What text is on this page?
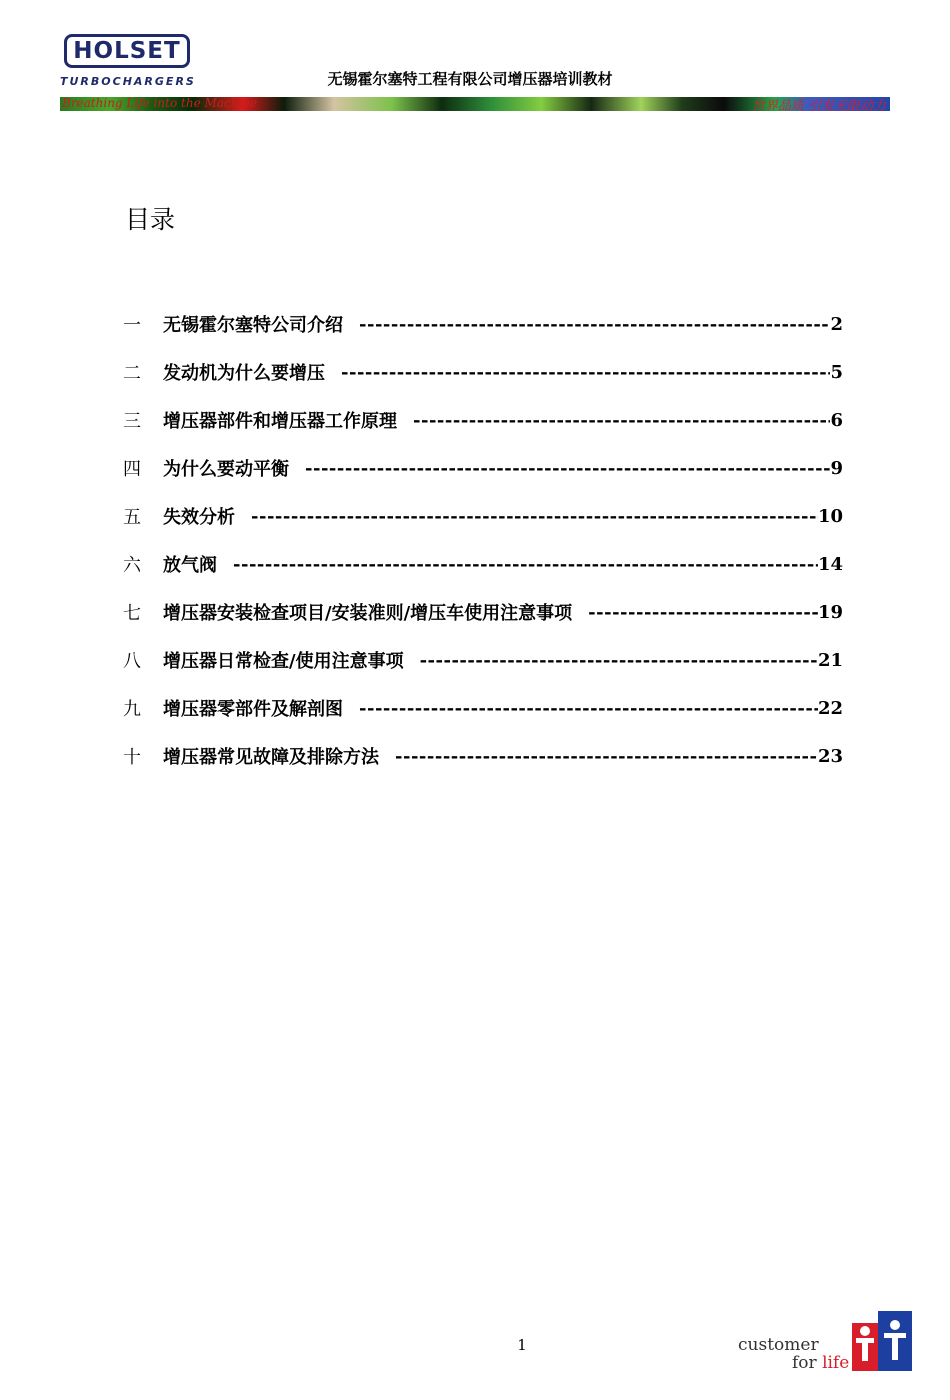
HOLSET
TURBOCHARGERS	无锡霍尔塞特工程有限公司增压器培训教材
Breathing Life into the Machine	世界品质 引发无限动力
目录
一	无锡霍尔塞特公司介绍 -----	2
二	发动机为什么要增压 -----	5
三	增压器部件和增压器工作原理 -----	6
四	为什么要动平衡 -----	9
五	失效分析 -----	10
六	放气阀 -----	14
七	增压器安装检查项目/安装准则/增压车使用注意事项 -----	19
八	增压器日常检查/使用注意事项 -----	21
九	增压器零部件及解剖图 -----	22
十	增压器常见故障及排除方法 -----	23
1	customer
for life
